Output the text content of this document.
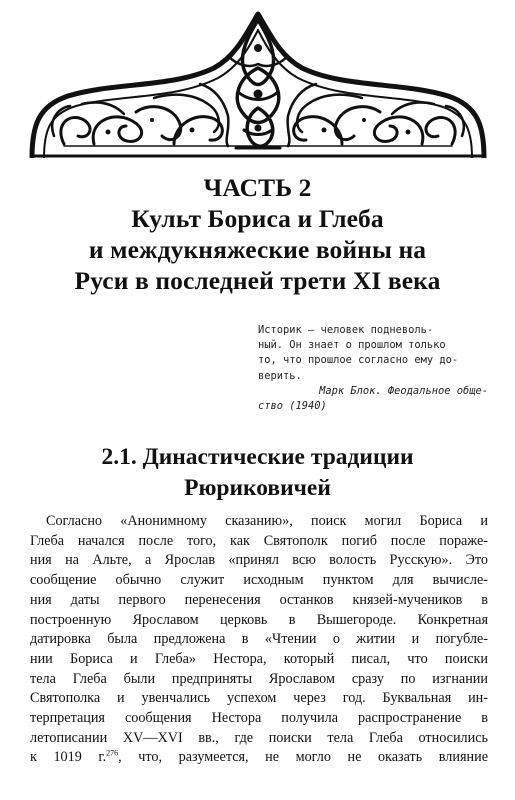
ЧАСТЬ 2
Культ Бориса и Глеба
и междукняжеские войны на
Руси в последней трети XI века
Историк — человек подневоль-
ный. Он знает о прошлом только
то, что прошлое согласно ему до-
верить.
Марк Блок. Феодальное обще-
ство (1940)
2.1. Династические традиции
Рюриковичей
Согласно «Анонимному сказанию», поиск могил Бориса и
Глеба начался после того, как Святополк погиб после пораже-
ния на Альте, а Ярослав «принял всю волость Русскую». Это
сообщение обычно служит исходным пунктом для вычисле-
ния даты первого перенесения останков князей-мучеников в
построенную Ярославом церковь в Вышегороде. Конкретная
датировка была предложена в «Чтении о житии и погубле-
нии Бориса и Глеба» Нестора, который писал, что поиски
тела Глеба были предприняты Ярославом сразу по изгнании
Святополка и увенчались успехом через год. Буквальная ин-
терпретация сообщения Нестора получила распространение в
летописании XV—XVI вв., где поиски тела Глеба относились
к 1019 г.$^{276}$, что, разумеется, не могло не оказать влияние
